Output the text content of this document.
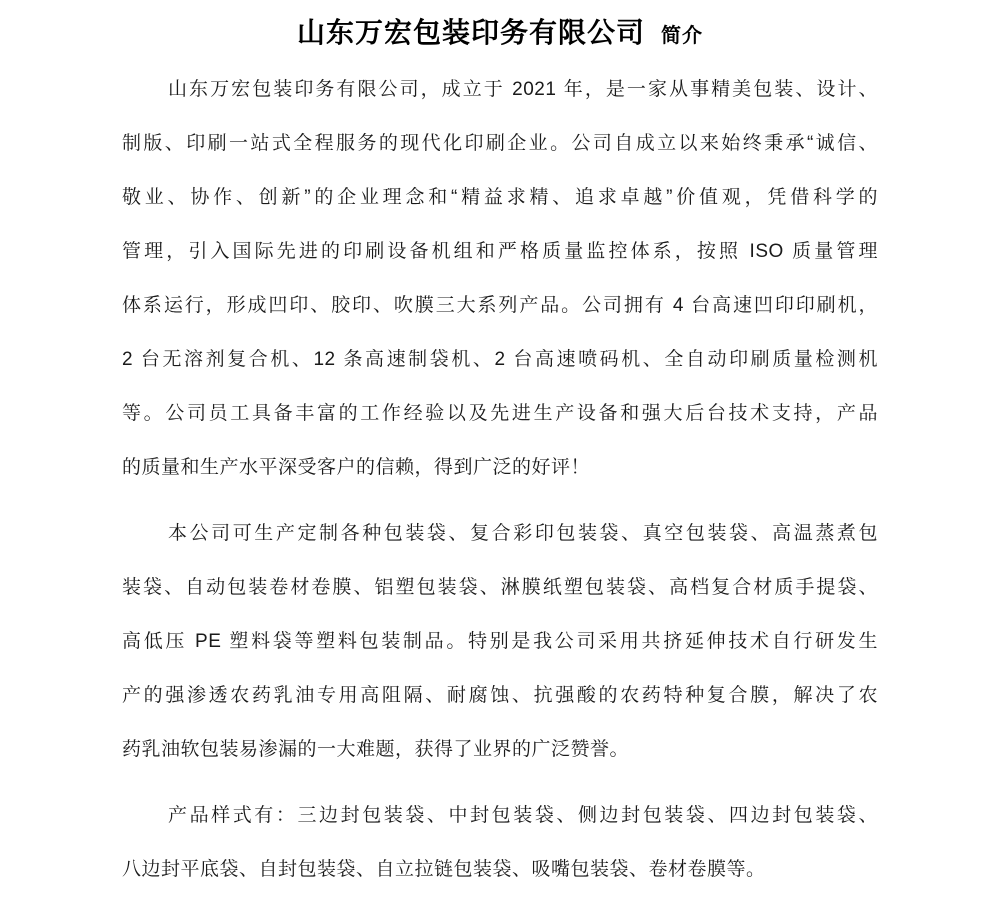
山东万宏包装印务有限公司 简介

山东万宏包装印务有限公司，成立于 2021 年，是一家从事精美包装、设计、
制版、印刷一站式全程服务的现代化印刷企业。公司自成立以来始终秉承“诚信、
敬业、协作、创新”的企业理念和“精益求精、追求卓越”价值观，凭借科学的
管理，引入国际先进的印刷设备机组和严格质量监控体系，按照 ISO 质量管理
体系运行，形成凹印、胶印、吹膜三大系列产品。公司拥有 4 台高速凹印印刷机，
2 台无溶剂复合机、12 条高速制袋机、2 台高速喷码机、全自动印刷质量检测机
等。公司员工具备丰富的工作经验以及先进生产设备和强大后台技术支持，产品
的质量和生产水平深受客户的信赖，得到广泛的好评！

本公司可生产定制各种包装袋、复合彩印包装袋、真空包装袋、高温蒸煮包
装袋、自动包装卷材卷膜、铝塑包装袋、淋膜纸塑包装袋、高档复合材质手提袋、
高低压 PE 塑料袋等塑料包装制品。特别是我公司采用共挤延伸技术自行研发生
产的强渗透农药乳油专用高阻隔、耐腐蚀、抗强酸的农药特种复合膜，解决了农
药乳油软包装易渗漏的一大难题，获得了业界的广泛赞誉。

产品样式有：三边封包装袋、中封包装袋、侧边封包装袋、四边封包装袋、
八边封平底袋、自封包装袋、自立拉链包装袋、吸嘴包装袋、卷材卷膜等。
